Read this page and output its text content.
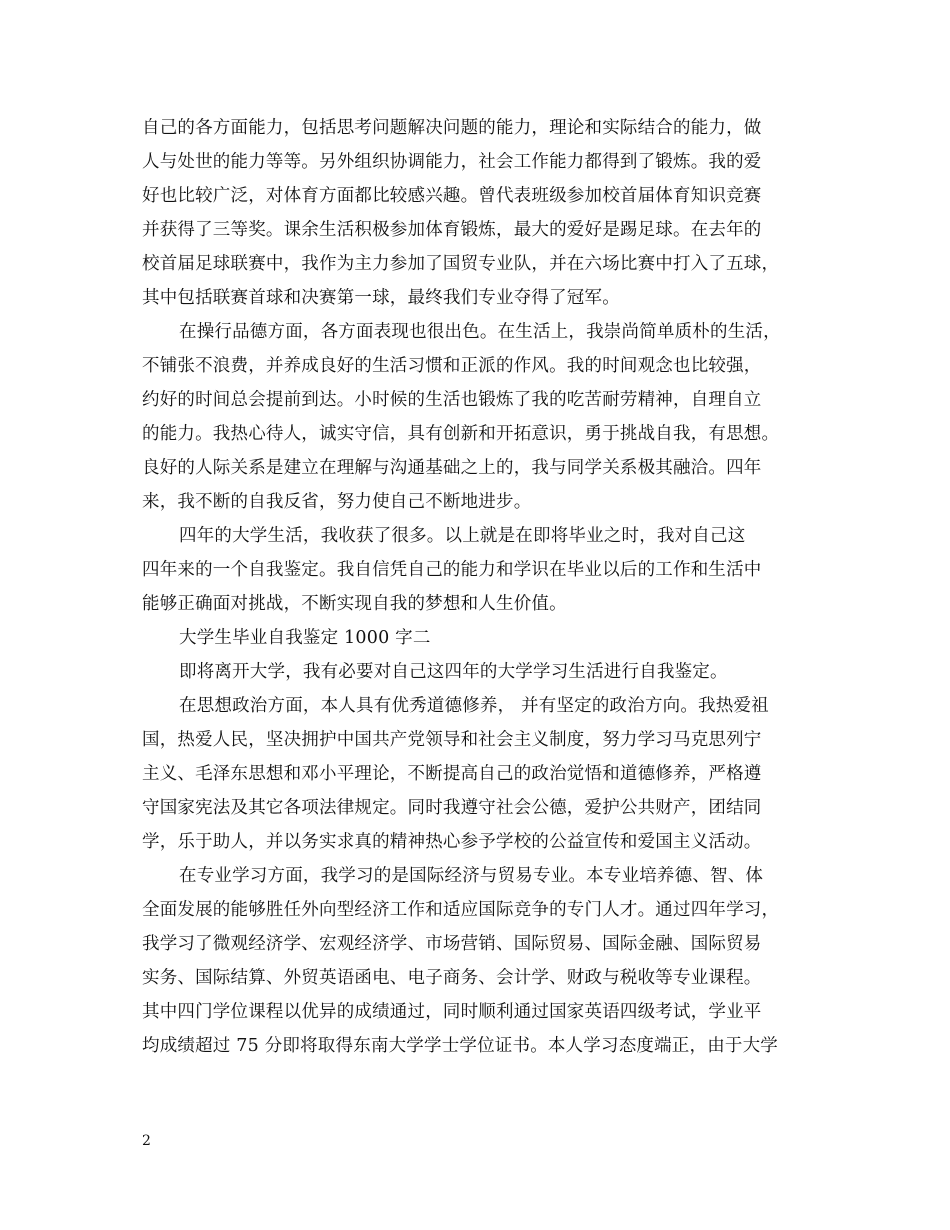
自己的各方面能力，包括思考问题解决问题的能力，理论和实际结合的能力，做
人与处世的能力等等。另外组织协调能力，社会工作能力都得到了锻炼。我的爱
好也比较广泛，对体育方面都比较感兴趣。曾代表班级参加校首届体育知识竞赛
并获得了三等奖。课余生活积极参加体育锻炼，最大的爱好是踢足球。在去年的
校首届足球联赛中，我作为主力参加了国贸专业队，并在六场比赛中打入了五球，
其中包括联赛首球和决赛第一球，最终我们专业夺得了冠军。
在操行品德方面，各方面表现也很出色。在生活上，我崇尚简单质朴的生活，
不铺张不浪费，并养成良好的生活习惯和正派的作风。我的时间观念也比较强，
约好的时间总会提前到达。小时候的生活也锻炼了我的吃苦耐劳精神，自理自立
的能力。我热心待人，诚实守信，具有创新和开拓意识，勇于挑战自我，有思想。
良好的人际关系是建立在理解与沟通基础之上的，我与同学关系极其融洽。四年
来，我不断的自我反省，努力使自己不断地进步。
四年的大学生活，我收获了很多。以上就是在即将毕业之时，我对自己这
四年来的一个自我鉴定。我自信凭自己的能力和学识在毕业以后的工作和生活中
能够正确面对挑战，不断实现自我的梦想和人生价值。
大学生毕业自我鉴定 1000 字二
即将离开大学，我有必要对自己这四年的大学学习生活进行自我鉴定。
在思想政治方面，本人具有优秀道德修养， 并有坚定的政治方向。我热爱祖
国，热爱人民，坚决拥护中国共产党领导和社会主义制度，努力学习马克思列宁
主义、毛泽东思想和邓小平理论，不断提高自己的政治觉悟和道德修养，严格遵
守国家宪法及其它各项法律规定。同时我遵守社会公德，爱护公共财产，团结同
学，乐于助人，并以务实求真的精神热心参予学校的公益宣传和爱国主义活动。
在专业学习方面，我学习的是国际经济与贸易专业。本专业培养德、智、体
全面发展的能够胜任外向型经济工作和适应国际竞争的专门人才。通过四年学习，
我学习了微观经济学、宏观经济学、市场营销、国际贸易、国际金融、国际贸易
实务、国际结算、外贸英语函电、电子商务、会计学、财政与税收等专业课程。
其中四门学位课程以优异的成绩通过，同时顺利通过国家英语四级考试，学业平
均成绩超过 75 分即将取得东南大学学士学位证书。本人学习态度端正，由于大学
2
